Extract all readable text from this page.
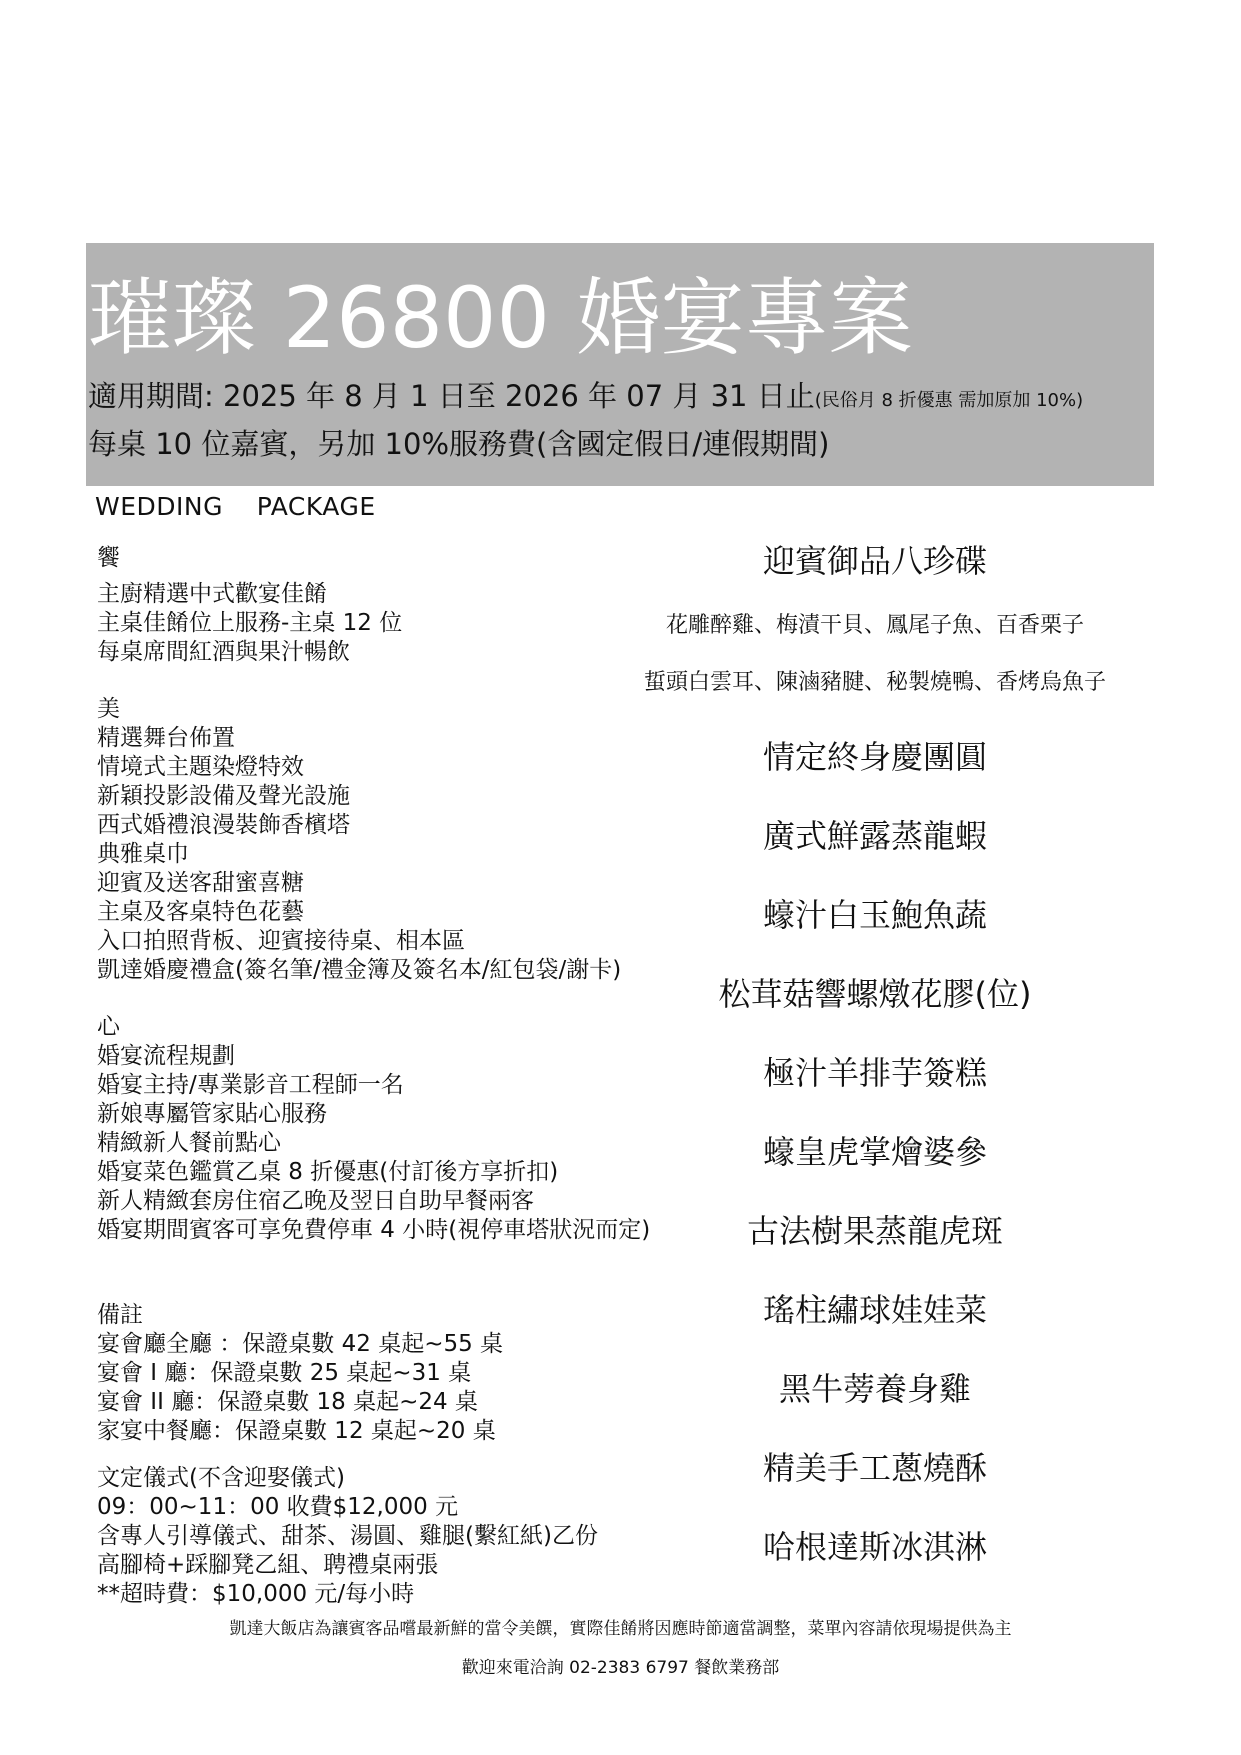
璀璨 26800 婚宴專案
適用期間: 2025 年 8 月 1 日至 2026 年 07 月 31 日止(民俗月 8 折優惠 需加原加 10%)
每桌 10 位嘉賓，另加 10%服務費(含國定假日/連假期間)
WEDDING    PACKAGE
饗
主廚精選中式歡宴佳餚
主桌佳餚位上服務-主桌 12 位
每桌席間紅酒與果汁暢飲
美
精選舞台佈置
情境式主題染燈特效
新穎投影設備及聲光設施
西式婚禮浪漫裝飾香檳塔
典雅桌巾
迎賓及送客甜蜜喜糖
主桌及客桌特色花藝
入口拍照背板、迎賓接待桌、相本區
凱達婚慶禮盒(簽名筆/禮金簿及簽名本/紅包袋/謝卡)
心
婚宴流程規劃
婚宴主持/專業影音工程師一名
新娘專屬管家貼心服務
精緻新人餐前點心
婚宴菜色鑑賞乙桌 8 折優惠(付訂後方享折扣)
新人精緻套房住宿乙晚及翌日自助早餐兩客
婚宴期間賓客可享免費停車 4 小時(視停車塔狀況而定)
備註
宴會廳全廳 ：保證桌數 42 桌起~55 桌
宴會 I 廳：保證桌數 25 桌起~31 桌
宴會 II 廳：保證桌數 18 桌起~24 桌
家宴中餐廳：保證桌數 12 桌起~20 桌
文定儀式(不含迎娶儀式)
09：00~11：00 收費$12,000 元
含專人引導儀式、甜茶、湯圓、雞腿(繫紅紙)乙份
高腳椅+踩腳凳乙組、聘禮桌兩張
**超時費：$10,000 元/每小時
迎賓御品八珍碟
花雕醉雞、梅漬干貝、鳳尾子魚、百香栗子
蜇頭白雲耳、陳滷豬腱、秘製燒鴨、香烤烏魚子
情定終身慶團圓
廣式鮮露蒸龍蝦
蠔汁白玉鮑魚蔬
松茸菇響螺燉花膠(位)
極汁羊排芋簽糕
蠔皇虎掌燴婆參
古法樹果蒸龍虎斑
瑤柱繡球娃娃菜
黑牛蒡養身雞
精美手工蔥燒酥
哈根達斯冰淇淋
凱達大飯店為讓賓客品嚐最新鮮的當令美饌，實際佳餚將因應時節適當調整，菜單內容請依現場提供為主
歡迎來電洽詢 02-2383 6797 餐飲業務部
